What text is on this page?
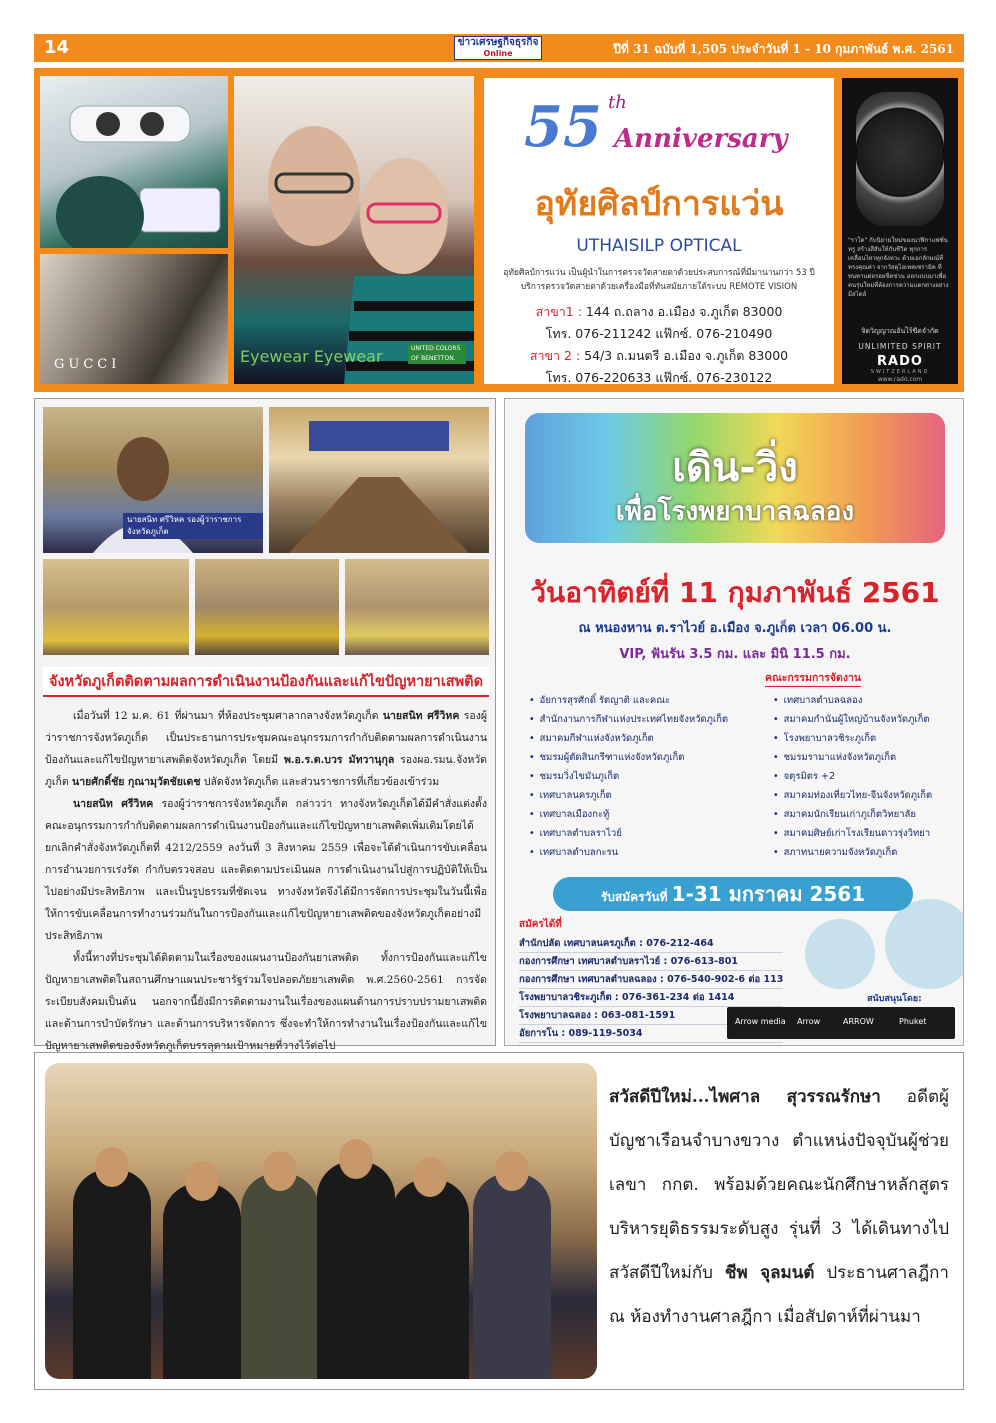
14	ข่าวเศรษฐกิจธุรกิจ
Online	ปีที่ 31 ฉบับที่ 1,505 ประจำวันที่ 1 - 10 กุมภาพันธ์ พ.ศ. 2561
GUCCI	Eyewear Eyewear	UNITED COLORS OF BENETTON.
55 th
Anniversary
อุทัยศิลป์การแว่น
UTHAISILP OPTICAL
อุทัยศิลป์การแว่น เป็นผู้นำในการตรวจวัดสายตาด้วยประสบการณ์ที่มีมานานกว่า 53 ปี บริการตรวจวัดสายตาด้วยเครื่องมือที่ทันสมัยภายใต้ระบบ REMOTE VISION
สาขา1 : 144 ถ.ถลาง อ.เมือง จ.ภูเก็ต 83000
โทร. 076-211242 แฟ๊กซ์. 076-210490
สาขา 2 : 54/3 ถ.มนตรี อ.เมือง จ.ภูเก็ต 83000
โทร. 076-220633 แฟ๊กซ์. 076-230122
"ราโด" กับนิยามใหม่ของนาฬิกาแฟชั่นหรู สร้างสีสันให้กับชีวิต ทุกการเคลื่อนไหวทุกจังหวะ ด้วยเอกลักษณ์ที่ทรงคุณค่า จากวัสดุไฮเทคเซรามิค ที่ทนทานต่อรอยขีดข่วน ออกแบบมาเพื่อคนรุ่นใหม่ที่ต้องการความแตกต่างอย่างมีสไตล์
จิตวิญญาณอันไร้ขีดจำกัด
UNLIMITED SPIRIT
RADO
SWITZERLAND
www.rado.com
นายสนิท ศรีวิหค รองผู้ว่าราชการจังหวัดภูเก็ต
จังหวัดภูเก็ตติดตามผลการดำเนินงานป้องกันและแก้ไขปัญหายาเสพติด

เมื่อวันที่ 12 ม.ค. 61 ที่ผ่านมา ที่ห้องประชุมศาลากลางจังหวัดภูเก็ต นายสนิท ศรีวิหค รองผู้ว่าราชการจังหวัดภูเก็ต เป็นประธานการประชุมคณะอนุกรรมการกำกับติดตามผลการดำเนินงานป้องกันและแก้ไขปัญหายาเสพติดจังหวัดภูเก็ต โดยมี พ.อ.ร.ต.บวร มัทวานุกุล รองผอ.รมน.จังหวัดภูเก็ต นายศักดิ์ชัย กุณามุวัดชัยเดช ปลัดจังหวัดภูเก็ต และส่วนราชการที่เกี่ยวข้องเข้าร่วม

นายสนิท ศรีวิหค รองผู้ว่าราชการจังหวัดภูเก็ต กล่าวว่า ทางจังหวัดภูเก็ตได้มีคำสั่งแต่งตั้งคณะอนุกรรมการกำกับติดตามผลการดำเนินงานป้องกันและแก้ไขปัญหายาเสพติดเพิ่มเติมโดยได้ยกเลิกคำสั่งจังหวัดภูเก็ตที่ 4212/2559 ลงวันที่ 3 สิงหาคม 2559 เพื่อจะได้ดำเนินการขับเคลื่อนการอำนวยการเร่งรัด กำกับตรวจสอบ และติดตามประเมินผล การดำเนินงานไปสู่การปฏิบัติให้เป็นไปอย่างมีประสิทธิภาพ และเป็นรูปธรรมที่ชัดเจน ทางจังหวัดจึงได้มีการจัดการประชุมในวันนี้เพื่อให้การขับเคลื่อนการทำงานร่วมกันในการป้องกันและแก้ไขปัญหายาเสพติดของจังหวัดภูเก็ตอย่างมีประสิทธิภาพ

ทั้งนี้ทางที่ประชุมได้ติดตามในเรื่องของแผนงานป้องกันยาเสพติด ทั้งการป้องกันและแก้ไขปัญหายาเสพติดในสถานศึกษาแผนประชารัฐร่วมใจปลอดภัยยาเสพติด พ.ศ.2560-2561 การจัดระเบียบสังคมเป็นต้น นอกจากนี้ยังมีการติดตามงานในเรื่องของแผนด้านการปราบปรามยาเสพติด และด้านการบำบัดรักษา และด้านการบริหารจัดการ ซึ่งจะทำให้การทำงานในเรื่องป้องกันและแก้ไขปัญหายาเสพติดของจังหวัดภูเก็ตบรรลุตามเป้าหมายที่วางไว้ต่อไป

เดิน-วิ่ง
เพื่อโรงพยาบาลฉลอง
วันอาทิตย์ที่ 11 กุมภาพันธ์ 2561
ณ หนองหาน ต.ราไวย์ อ.เมือง จ.ภูเก็ต เวลา 06.00 น.
VIP, ฟันรัน 3.5 กม. และ มินิ 11.5 กม.
คณะกรรมการจัดงาน
• อัยการสุรศักดิ์ รัตญาติ และคณะ
• สำนักงานการกีฬาแห่งประเทศไทยจังหวัดภูเก็ต
• สมาคมกีฬาแห่งจังหวัดภูเก็ต
• ชมรมผู้ตัดสินกรีฑาแห่งจังหวัดภูเก็ต
• ชมรมวิ่งไขมันภูเก็ต
• เทศบาลนครภูเก็ต
• เทศบาลเมืองกะทู้
• เทศบาลตำบลราไวย์
• เทศบาลตำบลกะรน
• เทศบาลตำบลฉลอง
• สมาคมกำนันผู้ใหญ่บ้านจังหวัดภูเก็ต
• โรงพยาบาลวชิระภูเก็ต
• ชมรมรามาแห่งจังหวัดภูเก็ต
• จตุรมิตร +2
• สมาคมท่องเที่ยวไทย-จีนจังหวัดภูเก็ต
• สมาคมนักเรียนเก่าภูเก็ตวิทยาลัย
• สมาคมศิษย์เก่าโรงเรียนดาวรุ่งวิทยา
• สภาทนายความจังหวัดภูเก็ต
รับสมัครวันที่ 1-31 มกราคม 2561
สมัครได้ที่
สำนักปลัด เทศบาลนครภูเก็ต : 076-212-464
กองการศึกษา เทศบาลตำบลราไวย์ : 076-613-801
กองการศึกษา เทศบาลตำบลฉลอง : 076-540-902-6 ต่อ 113
โรงพยาบาลวชิระภูเก็ต : 076-361-234 ต่อ 1414
โรงพยาบาลฉลอง : 063-081-1591
อัยการโน : 089-119-5034
สนับสนุนโดย:
Arrow media Arrow	ARROW	Phuket
สวัสดีปีใหม่...ไพศาล สุวรรณรักษา อดีตผู้บัญชาเรือนจำบางขวาง ตำแหน่งปัจจุบันผู้ช่วยเลขา กกต. พร้อมด้วยคณะนักศึกษาหลักสูตรบริหารยุติธรรมระดับสูง รุ่นที่ 3 ได้เดินทางไปสวัสดีปีใหม่กับ ชีพ จุลมนต์ ประธานศาลฎีกา ณ ห้องทำงานศาลฎีกา เมื่อสัปดาห์ที่ผ่านมา
